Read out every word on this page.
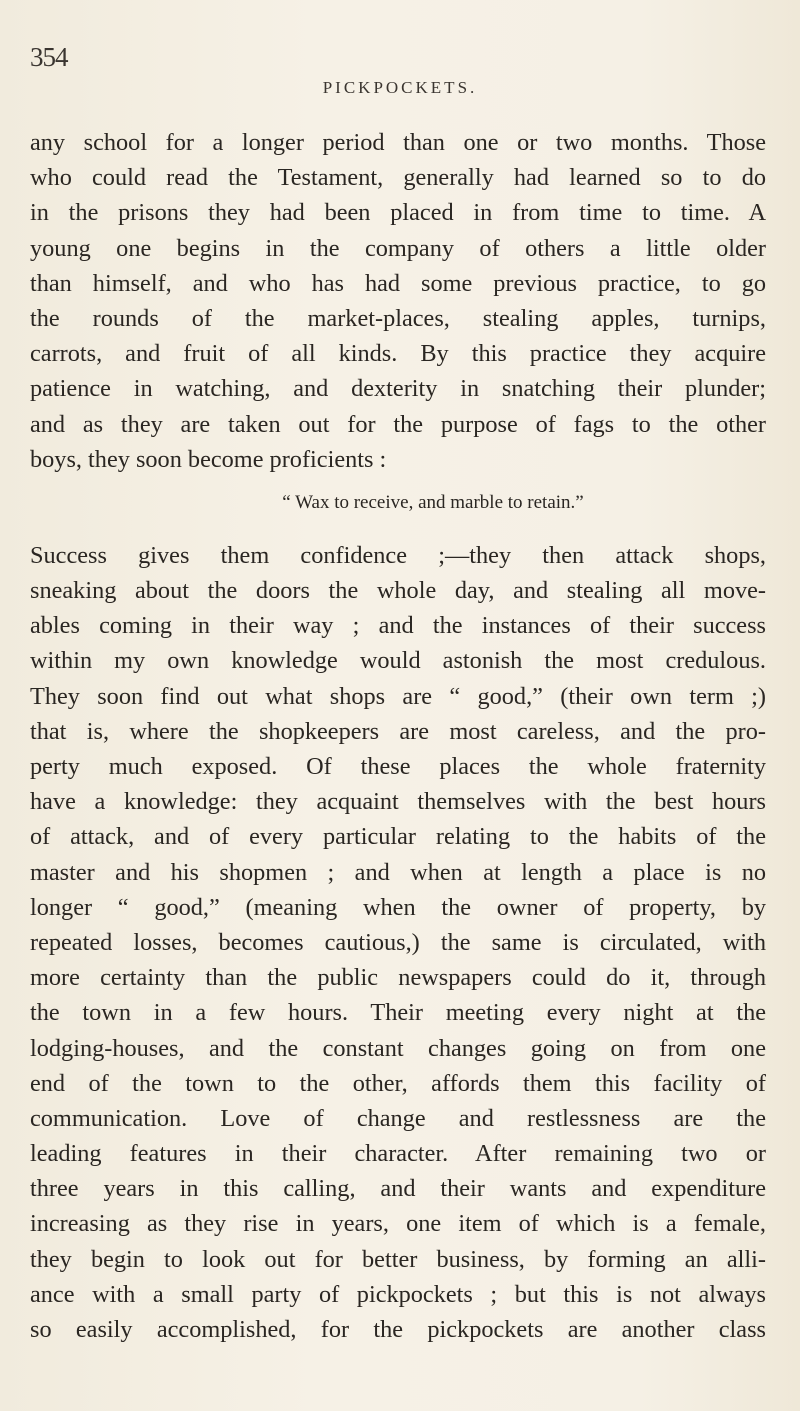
354
PICKPOCKETS.
any school for a longer period than one or two months. Those
who could read the Testament, generally had learned so to do
in the prisons they had been placed in from time to time. A
young one begins in the company of others a little older
than himself, and who has had some previous practice, to go
the rounds of the market-places, stealing apples, turnips,
carrots, and fruit of all kinds. By this practice they acquire
patience in watching, and dexterity in snatching their plunder;
and as they are taken out for the purpose of fags to the other
boys, they soon become proficients :
“ Wax to receive, and marble to retain.”
Success gives them confidence ;—they then attack shops,
sneaking about the doors the whole day, and stealing all move-
ables coming in their way ; and the instances of their success
within my own knowledge would astonish the most credulous.
They soon find out what shops are “ good,” (their own term ;)
that is, where the shopkeepers are most careless, and the pro-
perty much exposed. Of these places the whole fraternity
have a knowledge: they acquaint themselves with the best hours
of attack, and of every particular relating to the habits of the
master and his shopmen ; and when at length a place is no
longer “ good,” (meaning when the owner of property, by
repeated losses, becomes cautious,) the same is circulated, with
more certainty than the public newspapers could do it, through
the town in a few hours. Their meeting every night at the
lodging-houses, and the constant changes going on from one
end of the town to the other, affords them this facility of
communication. Love of change and restlessness are the
leading features in their character. After remaining two or
three years in this calling, and their wants and expenditure
increasing as they rise in years, one item of which is a female,
they begin to look out for better business, by forming an alli-
ance with a small party of pickpockets ; but this is not always
so easily accomplished, for the pickpockets are another class
